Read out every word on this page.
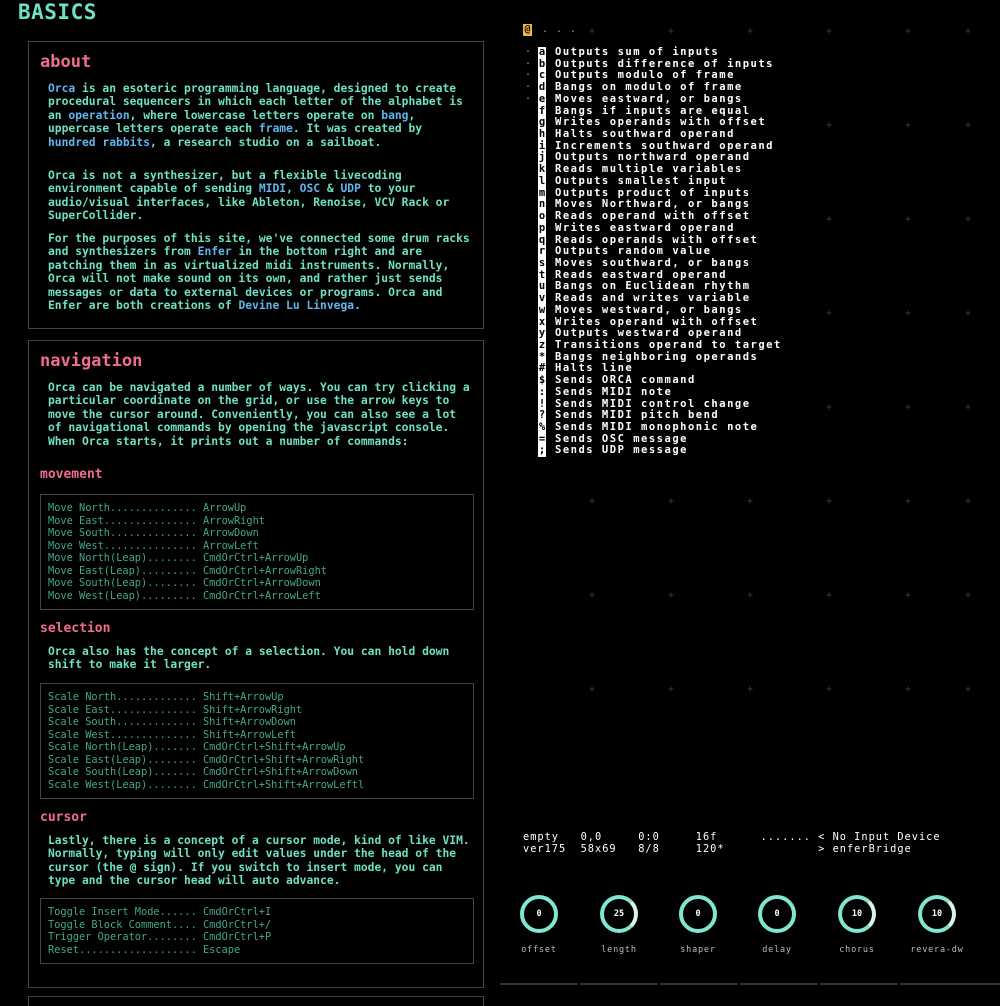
BASICS
about
Orca is an esoteric programming language, designed to create procedural sequencers in which each letter of the alphabet is an operation, where lowercase letters operate on bang, uppercase letters operate each frame. It was created by hundred rabbits, a research studio on a sailboat.
Orca is not a synthesizer, but a flexible livecoding environment capable of sending MIDI, OSC & UDP to your audio/visual interfaces, like Ableton, Renoise, VCV Rack or SuperCollider.
For the purposes of this site, we've connected some drum racks and synthesizers from Enfer in the bottom right and are patching them in as virtualized midi instruments. Normally, Orca will not make sound on its own, and rather just sends messages or data to external devices or programs. Orca and Enfer are both creations of Devine Lu Linvega.
navigation
Orca can be navigated a number of ways. You can try clicking a particular coordinate on the grid, or use the arrow keys to move the cursor around. Conveniently, you can also see a lot of navigational commands by opening the javascript console. When Orca starts, it prints out a number of commands:
movement
Move North.............. ArrowUp
Move East............... ArrowRight
Move South.............. ArrowDown
Move West............... ArrowLeft
Move North(Leap)........ CmdOrCtrl+ArrowUp
Move East(Leap)......... CmdOrCtrl+ArrowRight
Move South(Leap)........ CmdOrCtrl+ArrowDown
Move West(Leap)......... CmdOrCtrl+ArrowLeft
selection
Orca also has the concept of a selection. You can hold down shift to make it larger.
Scale North............. Shift+ArrowUp
Scale East.............. Shift+ArrowRight
Scale South............. Shift+ArrowDown
Scale West.............. Shift+ArrowLeft
Scale North(Leap)....... CmdOrCtrl+Shift+ArrowUp
Scale East(Leap)........ CmdOrCtrl+Shift+ArrowRight
Scale South(Leap)....... CmdOrCtrl+Shift+ArrowDown
Scale West(Leap)........ CmdOrCtrl+Shift+ArrowLeftl
cursor
Lastly, there is a concept of a cursor mode, kind of like VIM. Normally, typing will only edit values under the head of the cursor (the @ sign). If you switch to insert mode, you can type and the cursor head will auto advance.
Toggle Insert Mode...... CmdOrCtrl+I
Toggle Block Comment.... CmdOrCtrl+/
Trigger Operator........ CmdOrCtrl+P
Reset................... Escape
+	+	+	+	+	+
+	+	+
+	+	+
+	+	+
+	+	+
+	+	+	+	+	+
+	+	+	+	+	+
+	+	+	+	+	+
. . .
.
.
.
.
.
@
a Outputs sum of inputs
b Outputs difference of inputs
c Outputs modulo of frame
d Bangs on modulo of frame
e Moves eastward, or bangs
f Bangs if inputs are equal
g Writes operands with offset
h Halts southward operand
i Increments southward operand
j Outputs northward operand
k Reads multiple variables
l Outputs smallest input
m Outputs product of inputs
n Moves Northward, or bangs
o Reads operand with offset
p Writes eastward operand
q Reads operands with offset
r Outputs random value
s Moves southward, or bangs
t Reads eastward operand
u Bangs on Euclidean rhythm
v Reads and writes variable
w Moves westward, or bangs
x Writes operand with offset
y Outputs westward operand
z Transitions operand to target
* Bangs neighboring operands
# Halts line
$ Sends ORCA command
: Sends MIDI note
! Sends MIDI control change
? Sends MIDI pitch bend
% Sends MIDI monophonic note
= Sends OSC message
; Sends UDP message
empty   0,0     0:0     16f      ....... < No Input Device
ver175  58x69   8/8     120*             > enferBridge
0
offset
25
length
0
shaper
0
delay
10
chorus
10
revera-dw
